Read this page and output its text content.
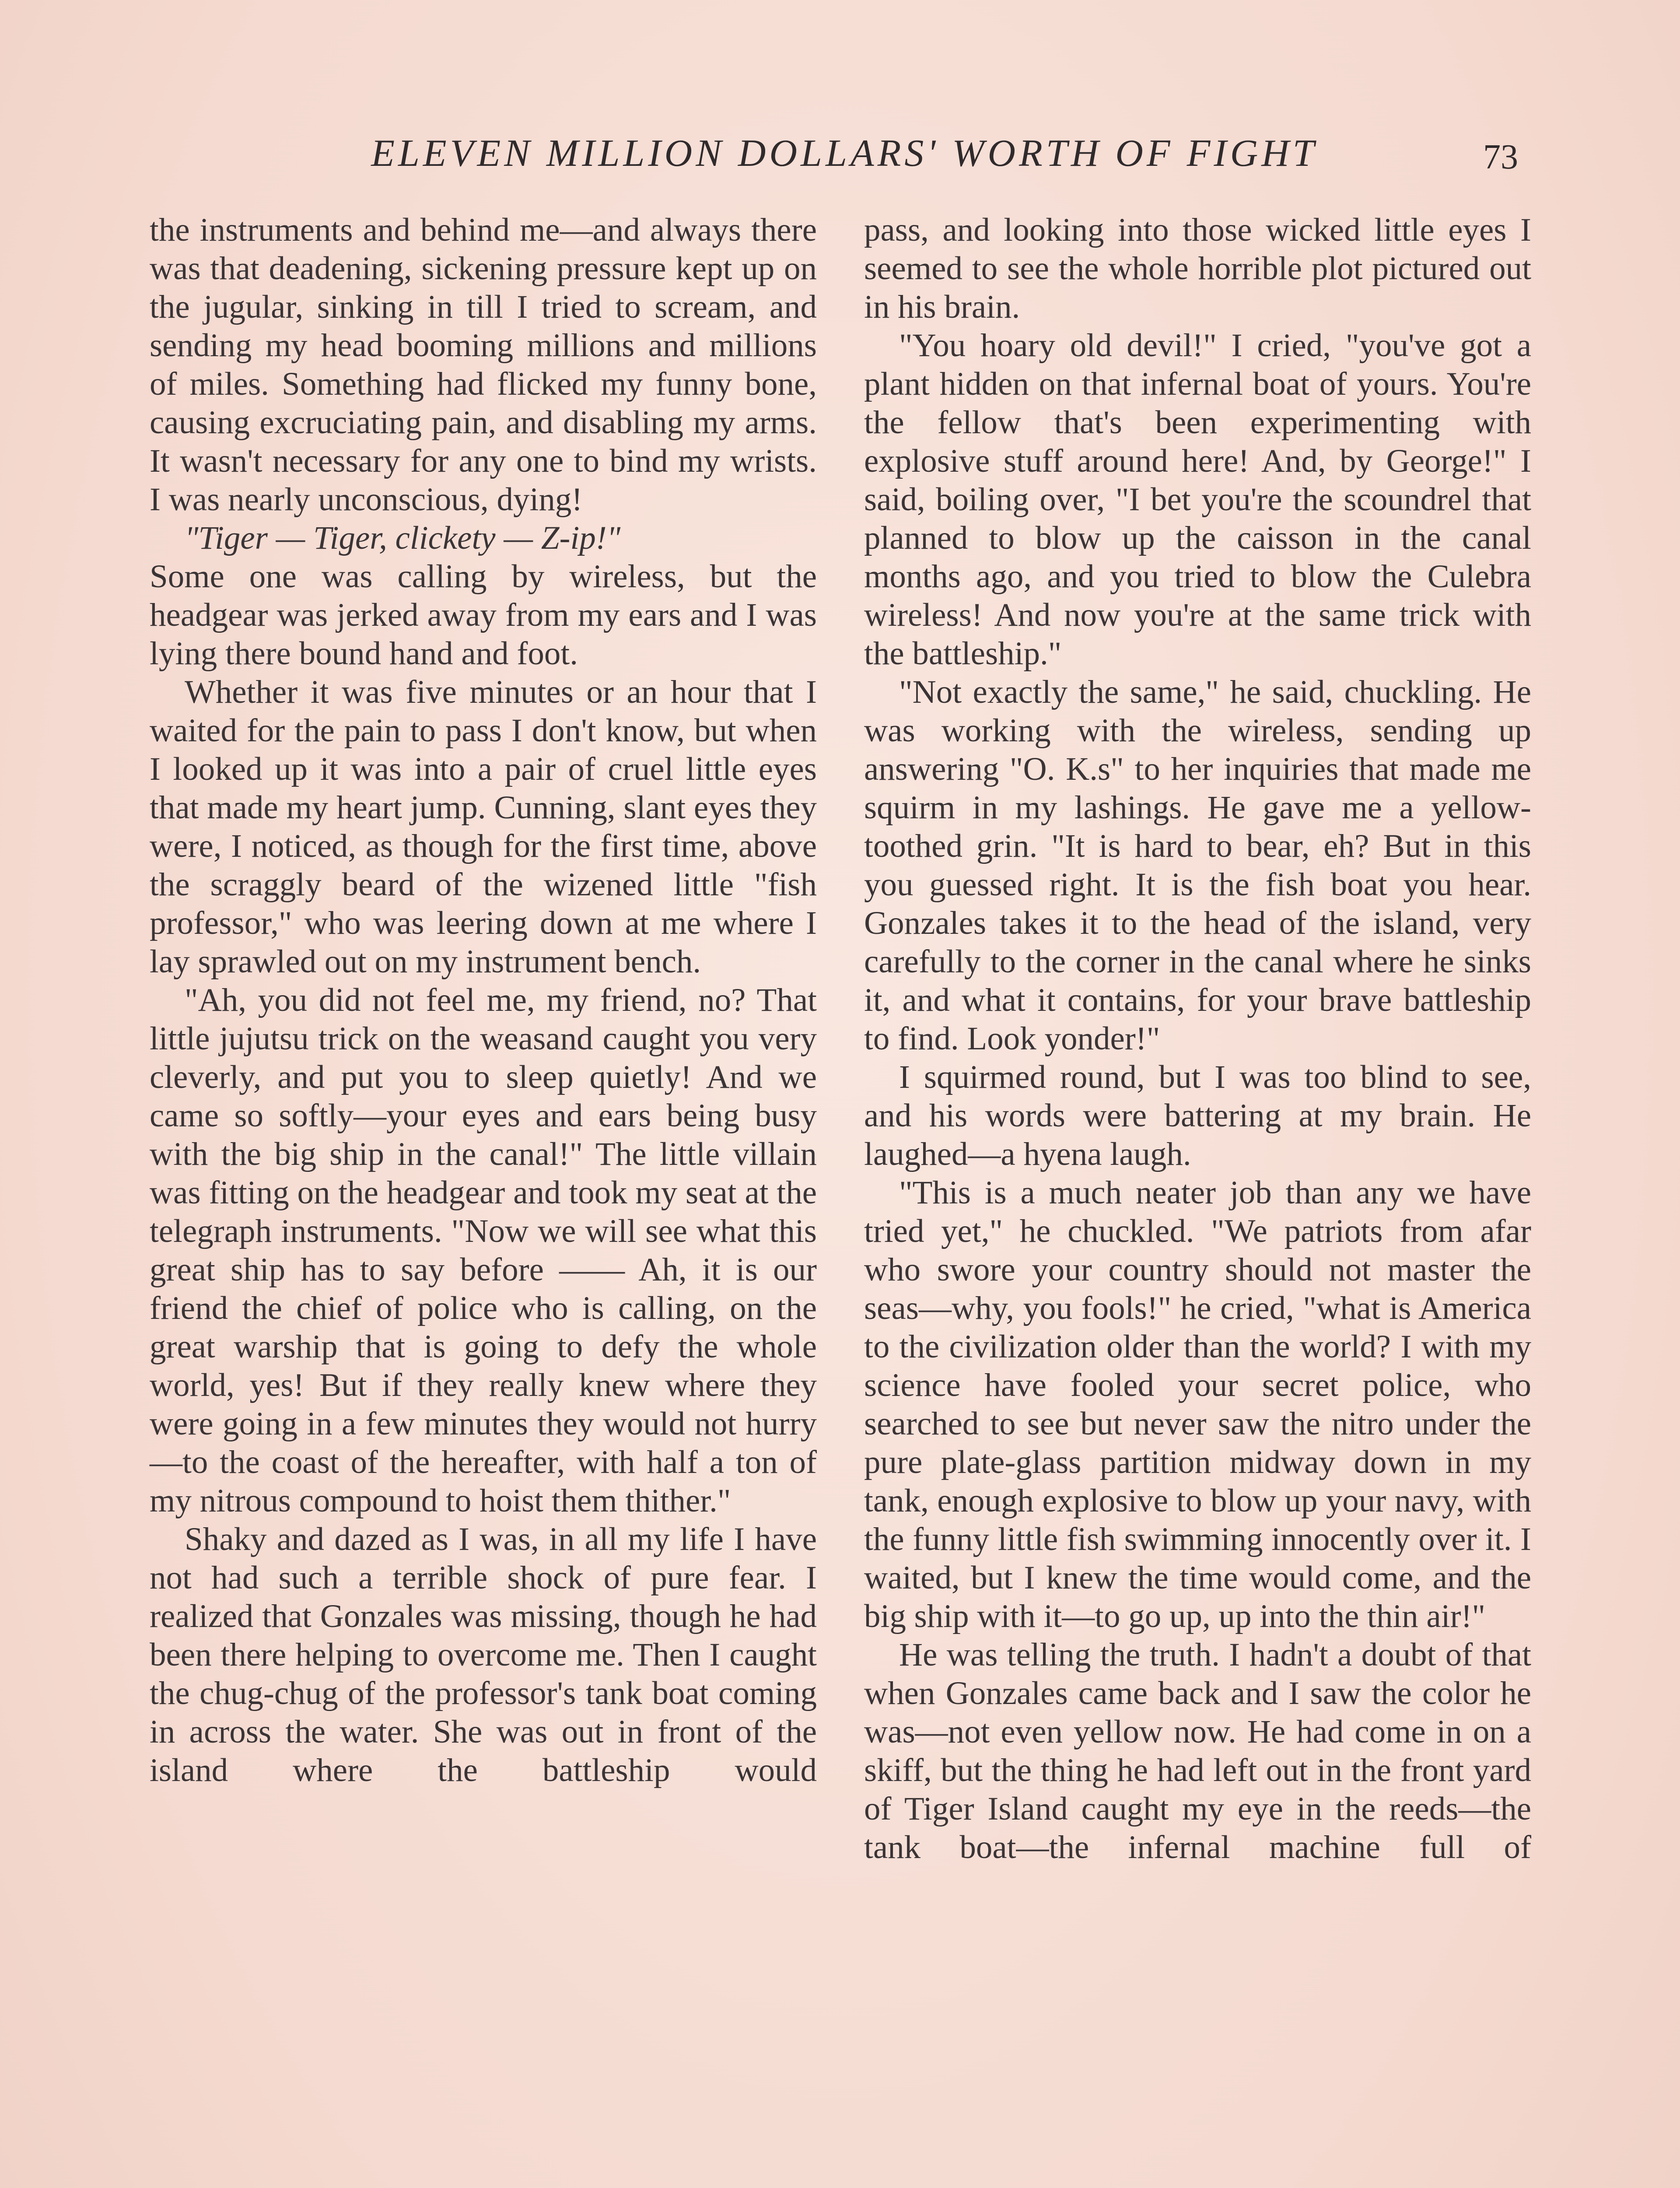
ELEVEN MILLION DOLLARS' WORTH OF FIGHT	73

the instruments and behind me—and always there was that deadening, sickening pressure kept up on the jugular, sinking in till I tried to scream, and sending my head booming millions and millions of miles. Something had flicked my funny bone, causing excruciating pain, and disabling my arms. It wasn't necessary for any one to bind my wrists. I was nearly unconscious, dying!

"Tiger — Tiger, clickety — Z-ip!"

Some one was calling by wireless, but the headgear was jerked away from my ears and I was lying there bound hand and foot.

Whether it was five minutes or an hour that I waited for the pain to pass I don't know, but when I looked up it was into a pair of cruel little eyes that made my heart jump. Cunning, slant eyes they were, I noticed, as though for the first time, above the scraggly beard of the wizened little "fish professor," who was leering down at me where I lay sprawled out on my instrument bench.

"Ah, you did not feel me, my friend, no? That little jujutsu trick on the weasand caught you very cleverly, and put you to sleep quietly! And we came so softly—your eyes and ears being busy with the big ship in the canal!" The little villain was fitting on the headgear and took my seat at the telegraph instruments. "Now we will see what this great ship has to say before —— Ah, it is our friend the chief of police who is calling, on the great warship that is going to defy the whole world, yes! But if they really knew where they were going in a few minutes they would not hurry—to the coast of the hereafter, with half a ton of my nitrous compound to hoist them thither."

Shaky and dazed as I was, in all my life I have not had such a terrible shock of pure fear. I realized that Gonzales was missing, though he had been there helping to overcome me. Then I caught the chug-chug of the professor's tank boat coming in across the water. She was out in front of the island where the battleship would

pass, and looking into those wicked little eyes I seemed to see the whole horrible plot pictured out in his brain.

"You hoary old devil!" I cried, "you've got a plant hidden on that infernal boat of yours. You're the fellow that's been experimenting with explosive stuff around here! And, by George!" I said, boiling over, "I bet you're the scoundrel that planned to blow up the caisson in the canal months ago, and you tried to blow the Culebra wireless! And now you're at the same trick with the battleship."

"Not exactly the same," he said, chuckling. He was working with the wireless, sending up answering "O. K.s" to her inquiries that made me squirm in my lashings. He gave me a yellow-toothed grin. "It is hard to bear, eh? But in this you guessed right. It is the fish boat you hear. Gonzales takes it to the head of the island, very carefully to the corner in the canal where he sinks it, and what it contains, for your brave battleship to find. Look yonder!"

I squirmed round, but I was too blind to see, and his words were battering at my brain. He laughed—a hyena laugh.

"This is a much neater job than any we have tried yet," he chuckled. "We patriots from afar who swore your country should not master the seas—why, you fools!" he cried, "what is America to the civilization older than the world? I with my science have fooled your secret police, who searched to see but never saw the nitro under the pure plate-glass partition midway down in my tank, enough explosive to blow up your navy, with the funny little fish swimming innocently over it. I waited, but I knew the time would come, and the big ship with it—to go up, up into the thin air!"

He was telling the truth. I hadn't a doubt of that when Gonzales came back and I saw the color he was—not even yellow now. He had come in on a skiff, but the thing he had left out in the front yard of Tiger Island caught my eye in the reeds—the tank boat—the infernal machine full of
